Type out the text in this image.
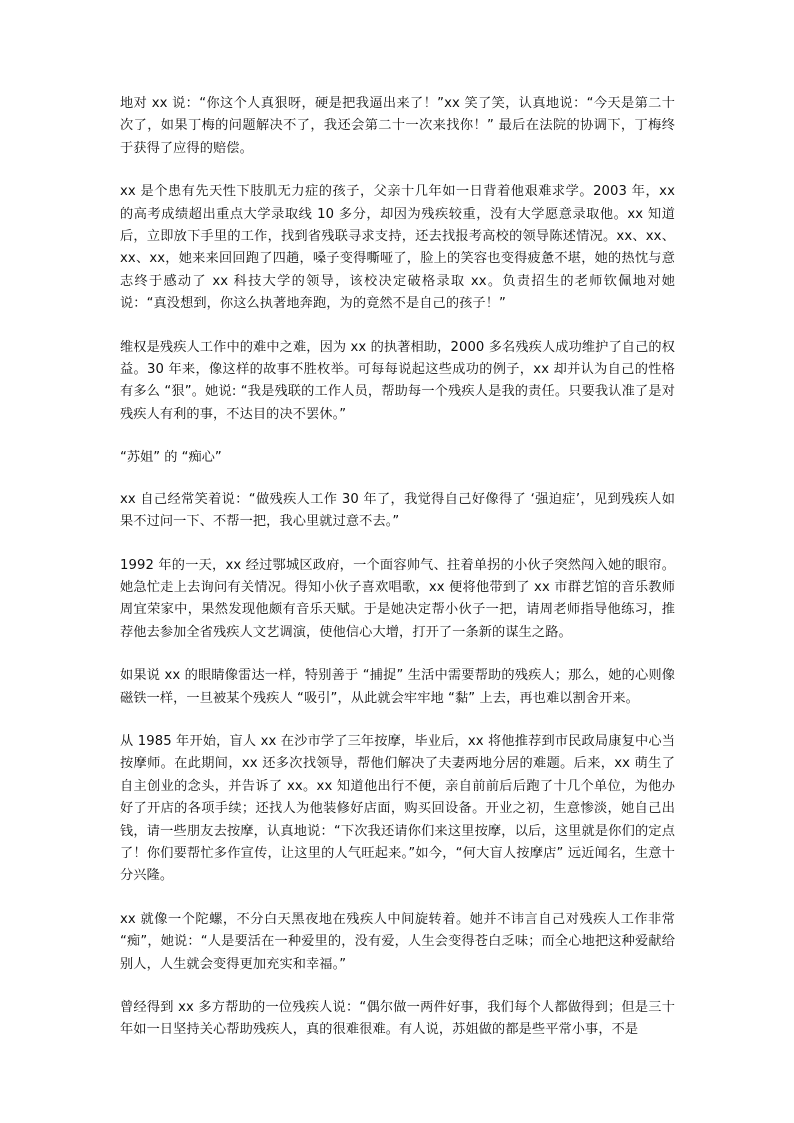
地对 xx 说：“你这个人真狠呀，硬是把我逼出来了！”xx 笑了笑，认真地说：“今天是第二十次了，如果丁梅的问题解决不了，我还会第二十一次来找你！” 最后在法院的协调下，丁梅终于获得了应得的赔偿。

xx 是个患有先天性下肢肌无力症的孩子，父亲十几年如一日背着他艰难求学。2003 年，xx 的高考成绩超出重点大学录取线 10 多分，却因为残疾较重，没有大学愿意录取他。xx 知道后，立即放下手里的工作，找到省残联寻求支持，还去找报考高校的领导陈述情况。xx、xx、xx、xx，她来来回回跑了四趟，嗓子变得嘶哑了，脸上的笑容也变得疲惫不堪，她的热忱与意志终于感动了 xx 科技大学的领导，该校决定破格录取 xx。负责招生的老师钦佩地对她说：“真没想到，你这么执著地奔跑，为的竟然不是自己的孩子！”

维权是残疾人工作中的难中之难，因为 xx 的执著相助，2000 多名残疾人成功维护了自己的权益。30 年来，像这样的故事不胜枚举。可每每说起这些成功的例子，xx 却并认为自己的性格有多么 “狠”。她说: “我是残联的工作人员，帮助每一个残疾人是我的责任。只要我认准了是对残疾人有利的事，不达目的决不罢休。”

“苏姐” 的 “痴心”

xx 自己经常笑着说：“做残疾人工作 30 年了，我觉得自己好像得了 ‘强迫症’，见到残疾人如果不过问一下、不帮一把，我心里就过意不去。”

1992 年的一天，xx 经过鄂城区政府，一个面容帅气、拄着单拐的小伙子突然闯入她的眼帘。她急忙走上去询问有关情况。得知小伙子喜欢唱歌，xx 便将他带到了 xx 市群艺馆的音乐教师周宜荣家中，果然发现他颇有音乐天赋。于是她决定帮小伙子一把，请周老师指导他练习，推荐他去参加全省残疾人文艺调演，使他信心大增，打开了一条新的谋生之路。

如果说 xx 的眼睛像雷达一样，特别善于 “捕捉” 生活中需要帮助的残疾人；那么，她的心则像磁铁一样，一旦被某个残疾人 “吸引”，从此就会牢牢地 “黏” 上去，再也难以割舍开来。

从 1985 年开始，盲人 xx 在沙市学了三年按摩，毕业后，xx 将他推荐到市民政局康复中心当按摩师。在此期间，xx 还多次找领导，帮他们解决了夫妻两地分居的难题。后来，xx 萌生了自主创业的念头，并告诉了 xx。xx 知道他出行不便，亲自前前后后跑了十几个单位，为他办好了开店的各项手续；还找人为他装修好店面，购买回设备。开业之初，生意惨淡，她自己出钱，请一些朋友去按摩，认真地说：“下次我还请你们来这里按摩，以后，这里就是你们的定点了！你们要帮忙多作宣传，让这里的人气旺起来。”如今，“何大盲人按摩店” 远近闻名，生意十分兴隆。

xx 就像一个陀螺，不分白天黑夜地在残疾人中间旋转着。她并不讳言自己对残疾人工作非常 “痴”，她说：“人是要活在一种爱里的，没有爱，人生会变得苍白乏味；而全心地把这种爱献给别人，人生就会变得更加充实和幸福。”

曾经得到 xx 多方帮助的一位残疾人说：“偶尔做一两件好事，我们每个人都做得到；但是三十年如一日坚持关心帮助残疾人，真的很难很难。有人说，苏姐做的都是些平常小事，不是
